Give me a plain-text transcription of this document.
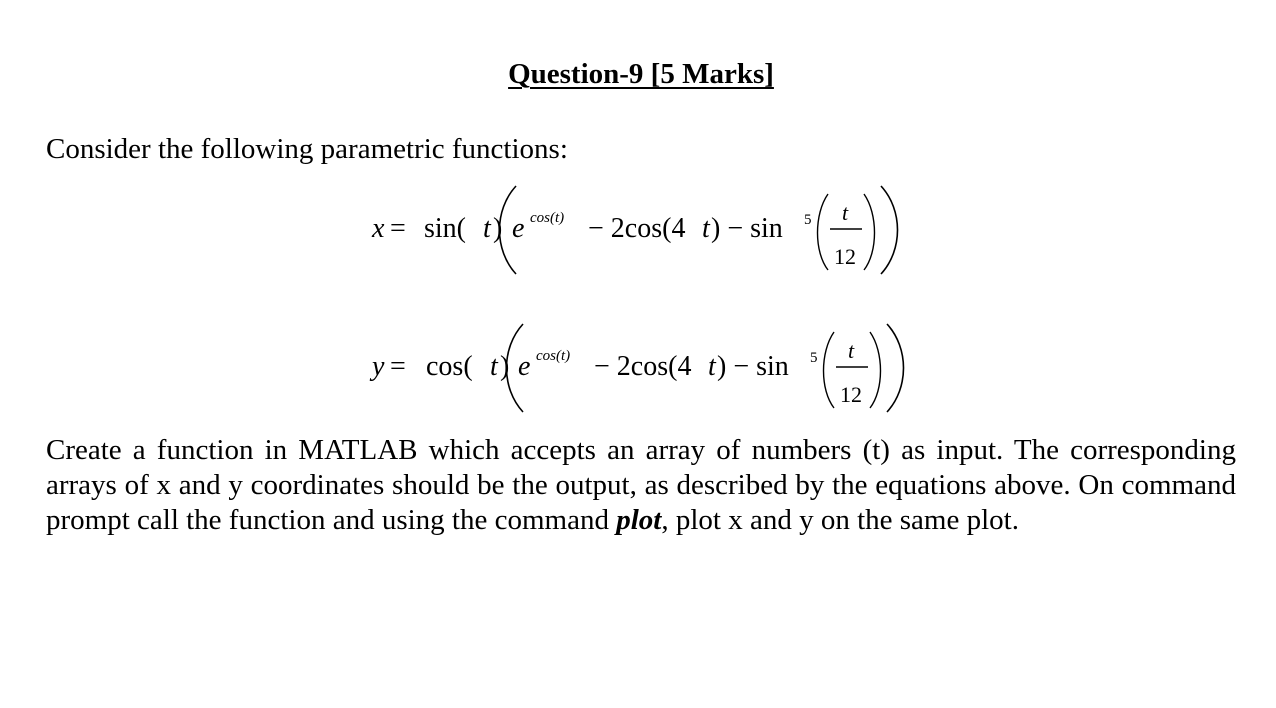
Question-9 [5 Marks]
Consider the following parametric functions:
x = sin( t ) e cos(t) − 2cos(4 t ) − sin 5 t
12
y = cos( t ) e cos(t) − 2cos(4 t ) − sin 5 t
12

Create a function in MATLAB which accepts an array of numbers (t) as input. The corresponding arrays of x and y coordinates should be the output, as described by the equations above. On command prompt call the function and using the command plot, plot x and y on the same plot.
